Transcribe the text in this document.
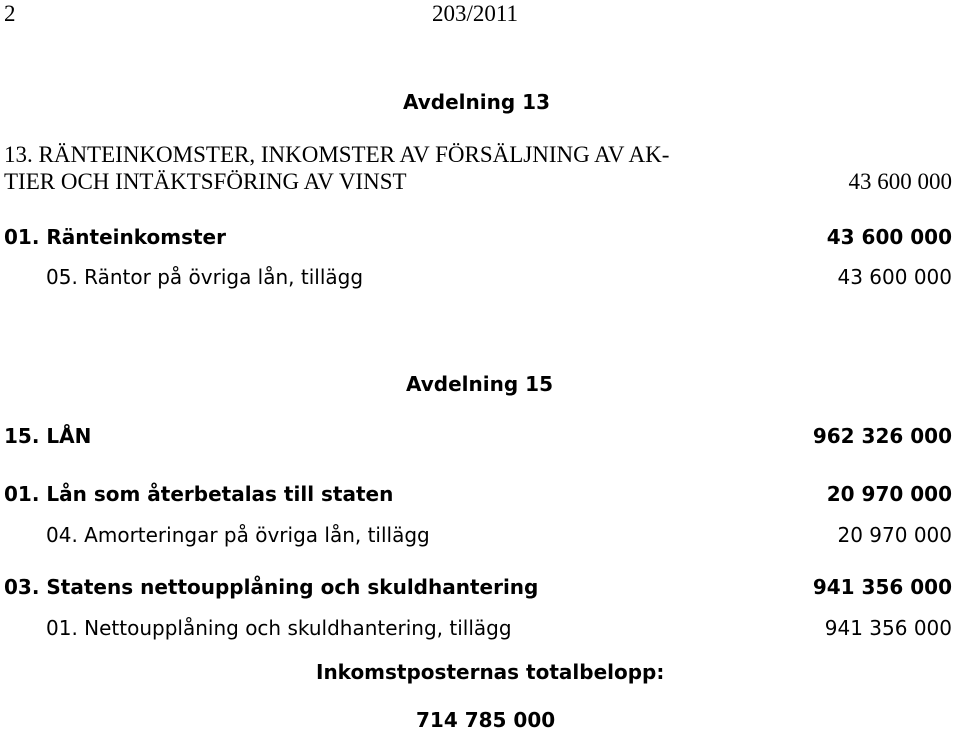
2	203/2011
Avdelning 13
13. RÄNTEINKOMSTER, INKOMSTER AV FÖRSÄLJNING AV AK-
TIER OCH INTÄKTSFÖRING AV VINST	43 600 000
01. Ränteinkomster	43 600 000
05. Räntor på övriga lån, tillägg	43 600 000
Avdelning 15
15. LÅN	962 326 000
01. Lån som återbetalas till staten	20 970 000
04. Amorteringar på övriga lån, tillägg	20 970 000
03. Statens nettoupplåning och skuldhantering	941 356 000
01. Nettoupplåning och skuldhantering, tillägg	941 356 000
Inkomstposternas totalbelopp:
714 785 000
